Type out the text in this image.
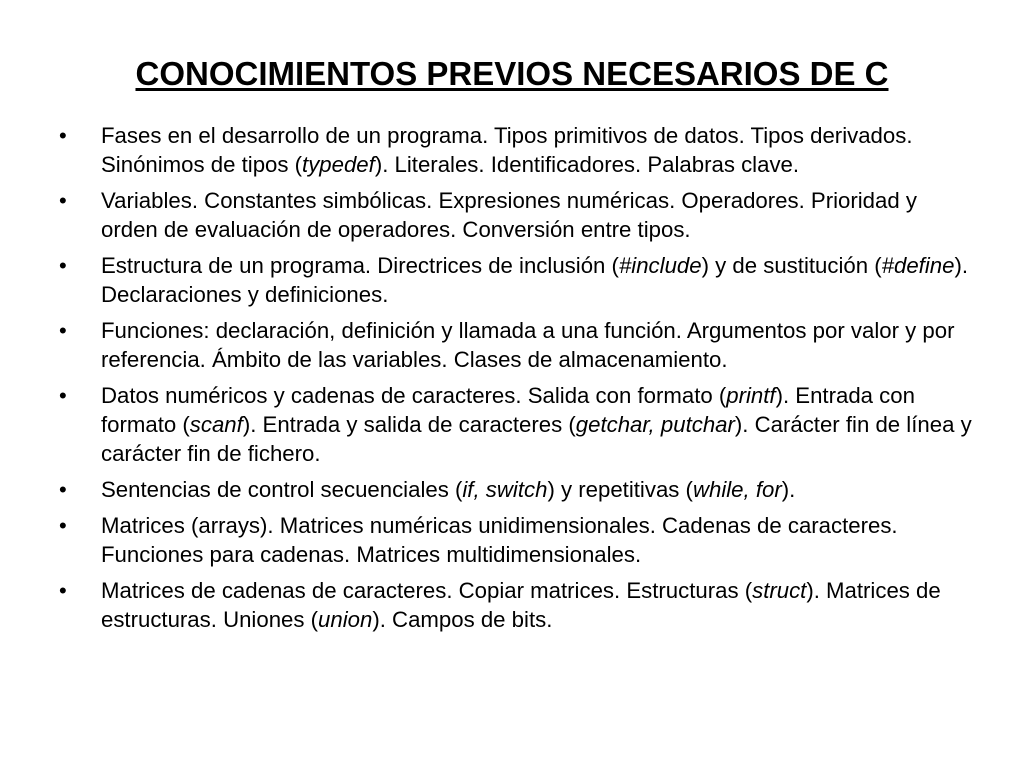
CONOCIMIENTOS PREVIOS NECESARIOS DE C
• Fases en el desarrollo de un programa. Tipos primitivos de datos. Tipos derivados. Sinónimos de tipos (typedef). Literales. Identificadores. Palabras clave.
• Variables. Constantes simbólicas. Expresiones numéricas. Operadores. Prioridad y orden de evaluación de operadores. Conversión entre tipos.
• Estructura de un programa. Directrices de inclusión (#include) y de sustitución (#define). Declaraciones y definiciones.
• Funciones: declaración, definición y llamada a una función. Argumentos por valor y por referencia. Ámbito de las variables. Clases de almacenamiento.
• Datos numéricos y cadenas de caracteres. Salida con formato (printf). Entrada con formato (scanf). Entrada y salida de caracteres (getchar, putchar). Carácter fin de línea y carácter fin de fichero.
• Sentencias de control secuenciales (if, switch) y repetitivas (while, for).
• Matrices (arrays). Matrices numéricas unidimensionales. Cadenas de caracteres. Funciones para cadenas. Matrices multidimensionales.
• Matrices de cadenas de caracteres. Copiar matrices. Estructuras (struct). Matrices de estructuras. Uniones (union). Campos de bits.
